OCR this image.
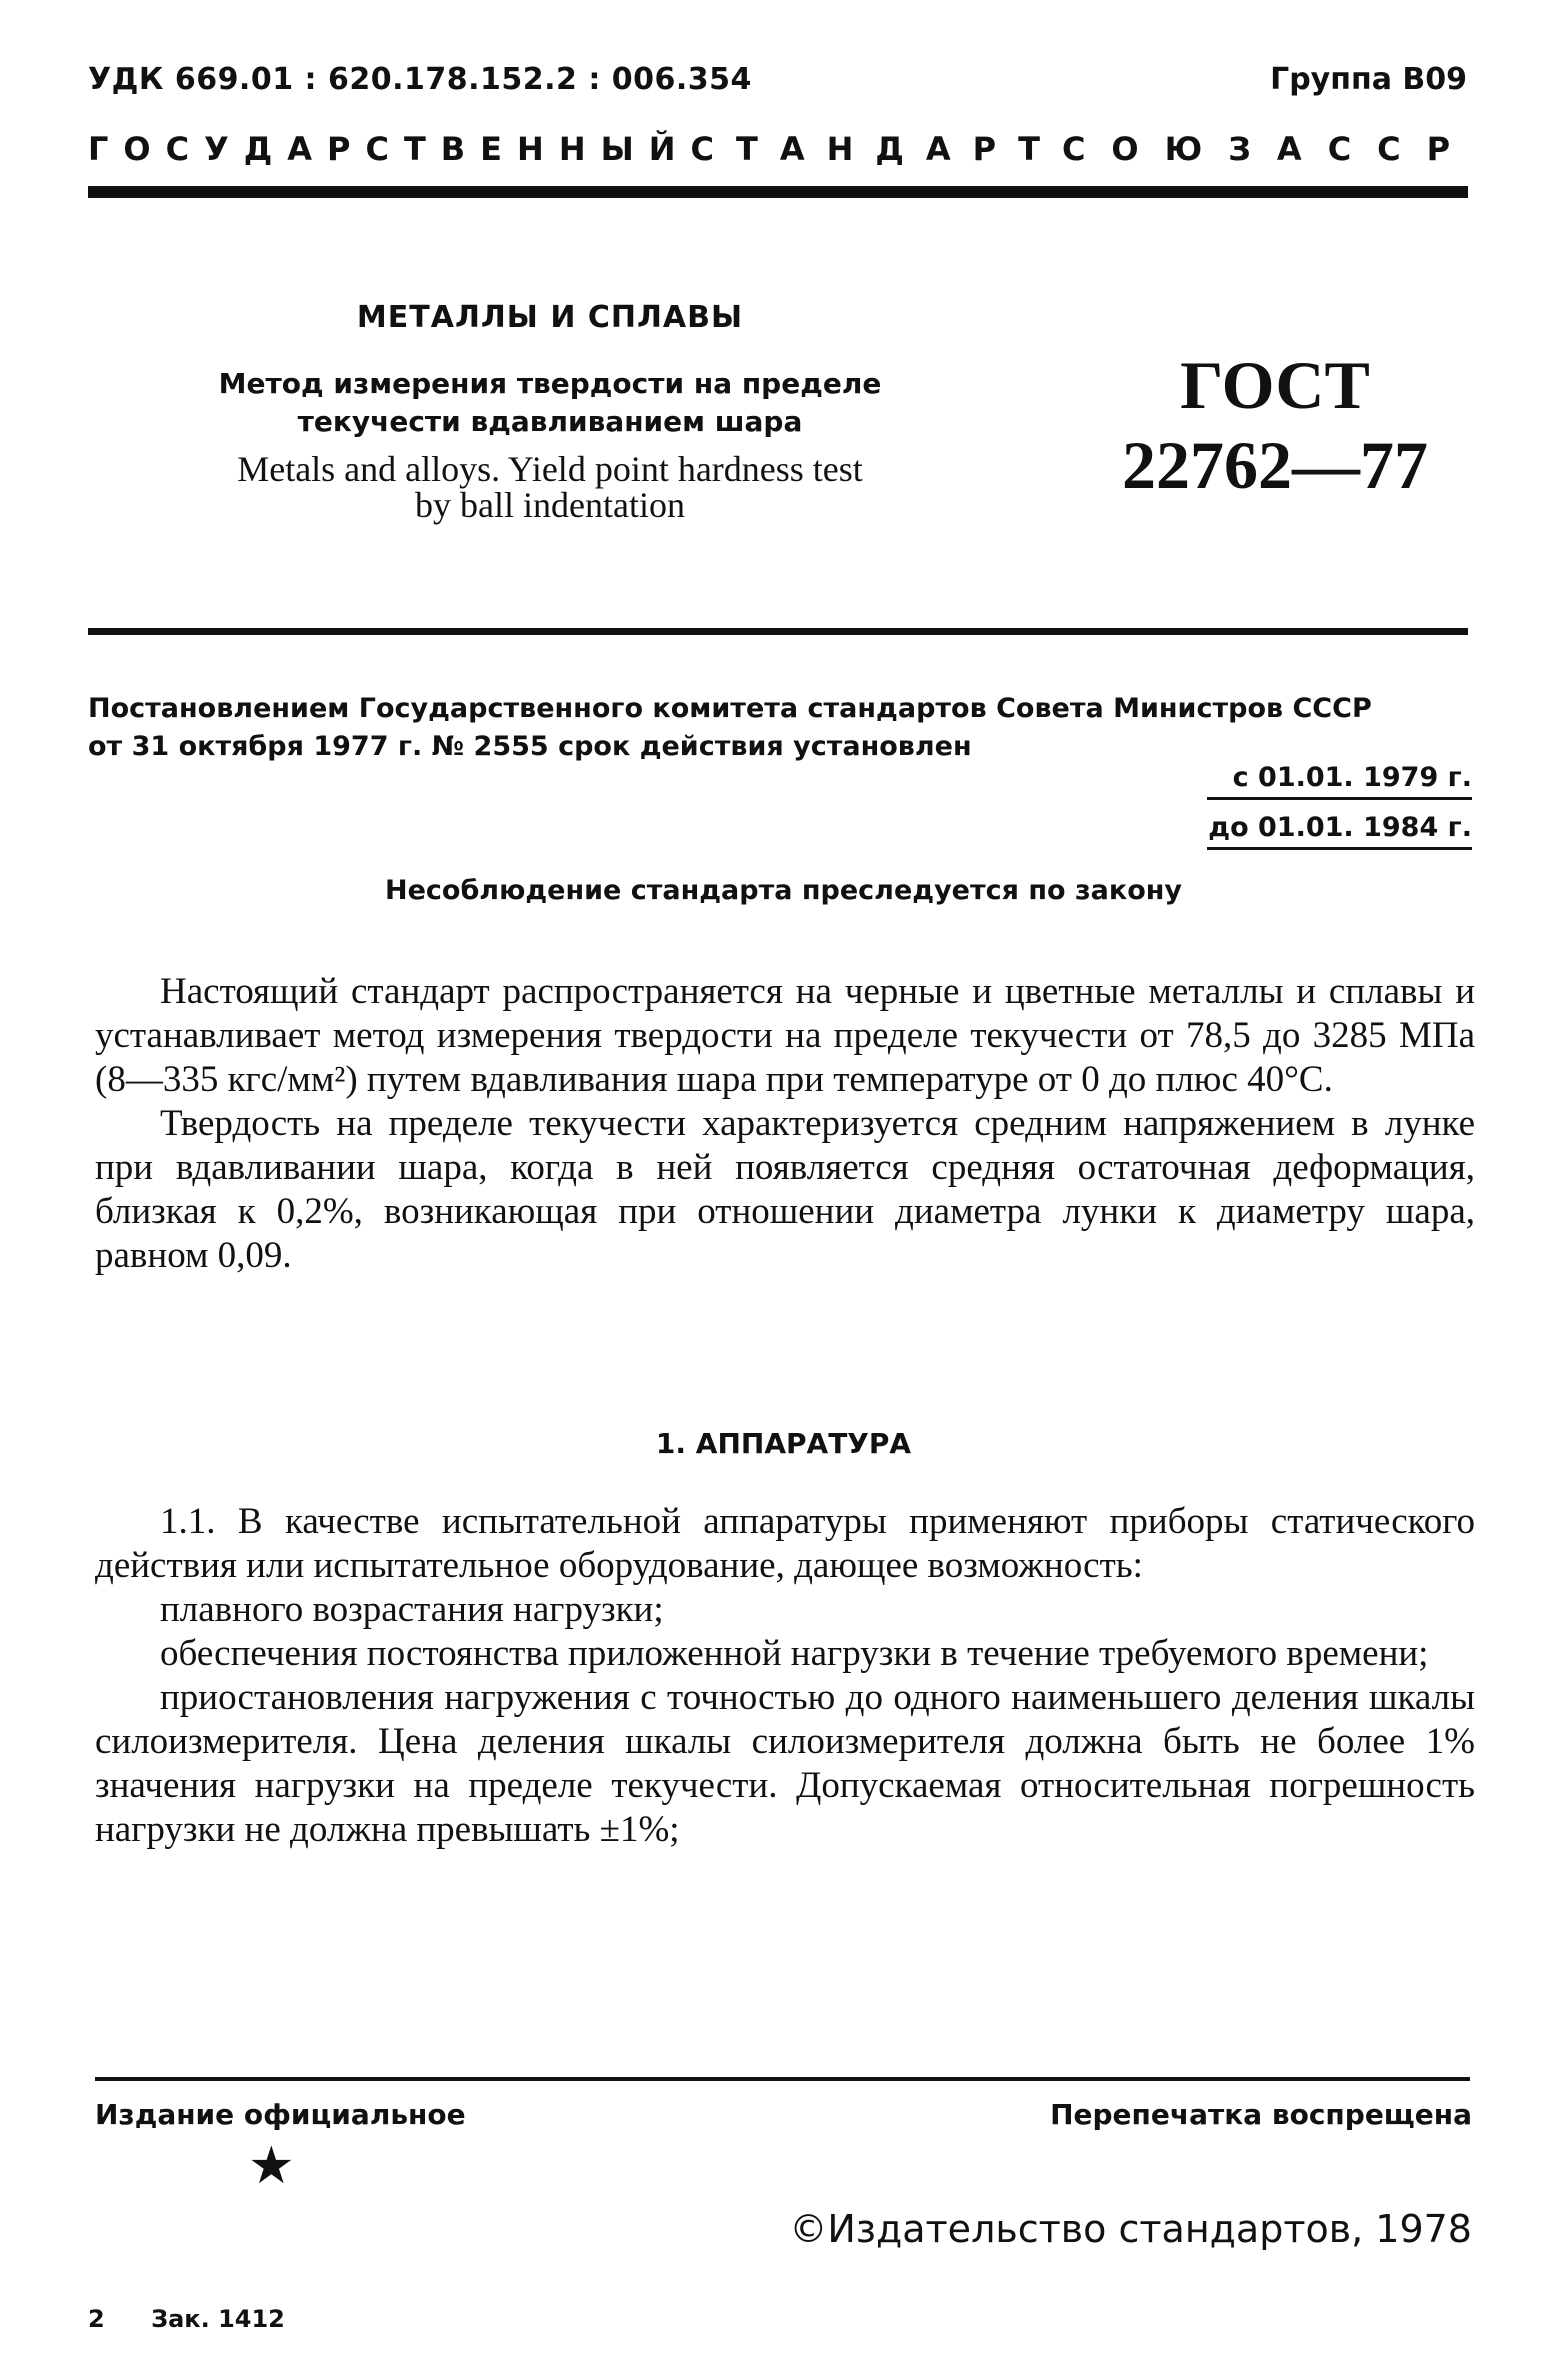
УДК 669.01 : 620.178.152.2 : 006.354	Группа В09
ГОСУДАРСТВЕННЫЙ СТАНДАРТ СОЮЗА ССР
МЕТАЛЛЫ И СПЛАВЫ
Метод измерения твердости на пределе
текучести вдавливанием шара
Metals and alloys. Yield point hardness test
by ball indentation
ГОСТ
22762—77
Постановлением Государственного комитета стандартов Совета Министров СССР
от 31 октября 1977 г. № 2555 срок действия установлен
с 01.01. 1979 г.
до 01.01. 1984 г.
Несоблюдение стандарта преследуется по закону

Настоящий стандарт распространяется на черные и цветные металлы и сплавы и устанавливает метод измерения твердости на пределе текучести от 78,5 до 3285 МПа (8—335 кгс/мм²) путем вдавливания шара при температуре от 0 до плюс 40°С.

Твердость на пределе текучести характеризуется средним напряжением в лунке при вдавливании шара, когда в ней появляется средняя остаточная деформация, близкая к 0,2%, возникающая при отношении диаметра лунки к диаметру шара, равном 0,09.

1. АППАРАТУРА

1.1. В качестве испытательной аппаратуры применяют приборы статического действия или испытательное оборудование, дающее возможность:

плавного возрастания нагрузки;

обеспечения постоянства приложенной нагрузки в течение требуемого времени;

приостановления нагружения с точностью до одного наименьшего деления шкалы силоизмерителя. Цена деления шкалы силоизмерителя должна быть не более 1% значения нагрузки на пределе текучести. Допускаемая относительная погрешность нагрузки не должна превышать ±1%;

Издание официальное	Перепечатка воспрещена
★
©Издательство стандартов, 1978
2 Зак. 1412
